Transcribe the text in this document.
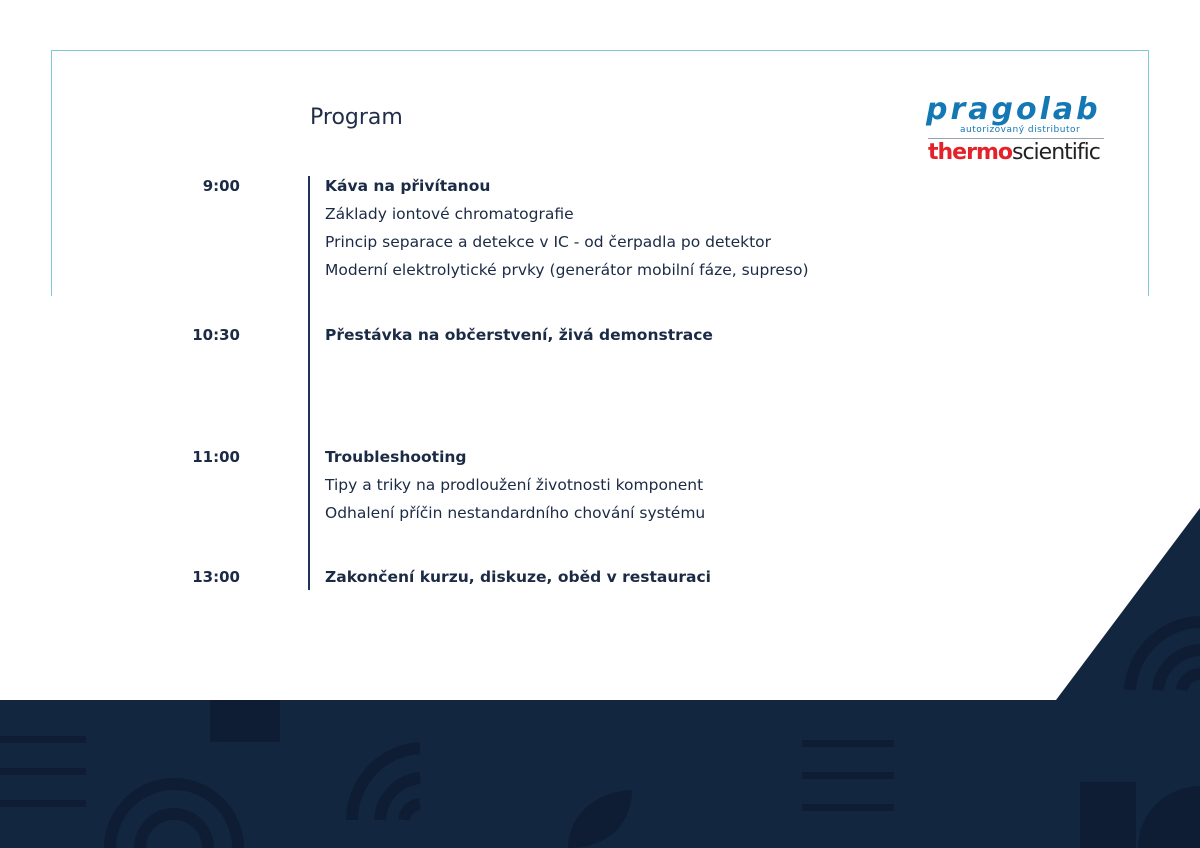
Program	pragolab
autorizovaný distributor
thermoscientific
9:00	Káva na přivítanou
Základy iontové chromatografie
Princip separace a detekce v IC - od čerpadla po detektor
Moderní elektrolytické prvky (generátor mobilní fáze, supreso)
10:30	Přestávka na občerstvení, živá demonstrace
11:00	Troubleshooting
Tipy a triky na prodloužení životnosti komponent
Odhalení příčin nestandardního chování systému
13:00	Zakončení kurzu, diskuze, oběd v restauraci
